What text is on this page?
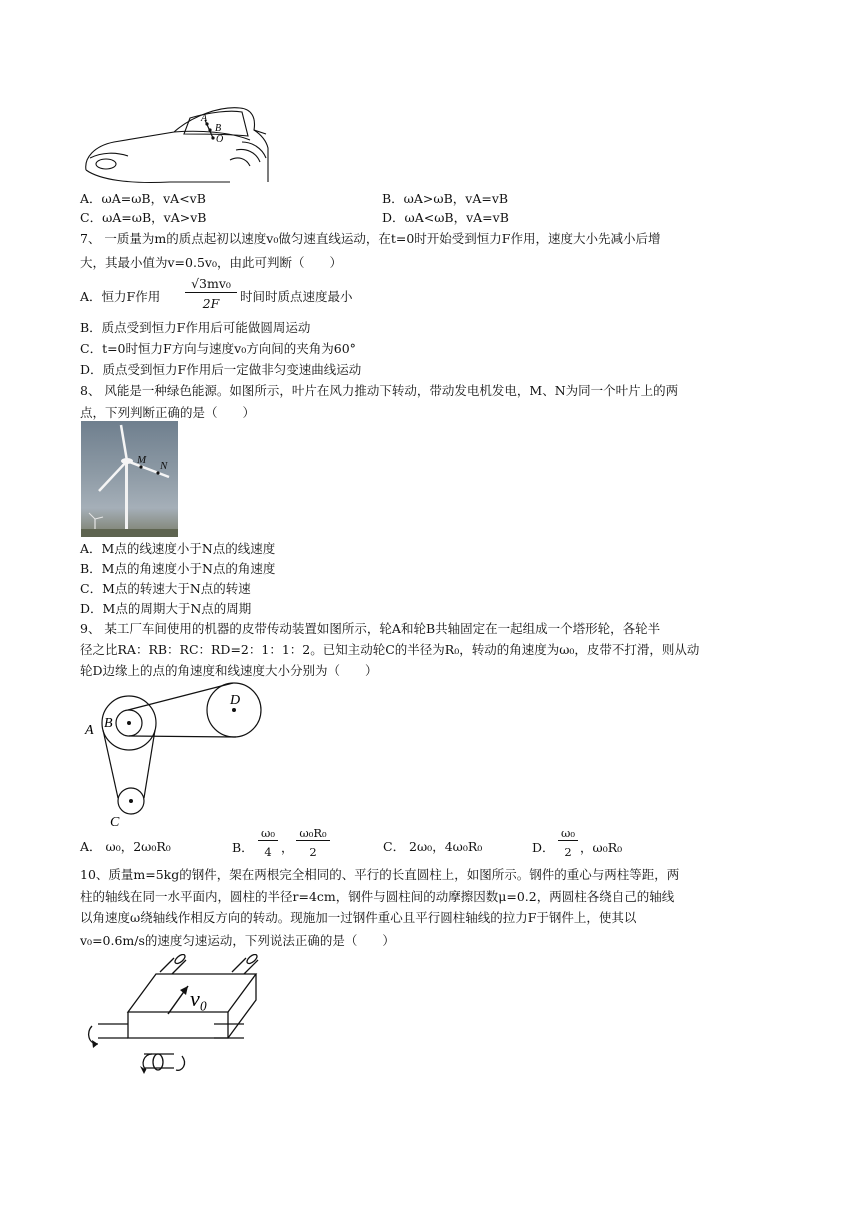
A
B
O
A．ωA=ωB，vA<vB	B．ωA>ωB，vA=vB
C．ωA=ωB，vA>vB	D．ωA<ωB，vA=vB
7、 一质量为m的质点起初以速度v₀做匀速直线运动，在t=0时开始受到恒力F作用，速度大小先减小后增
大，其最小值为v=0.5v₀，由此可判断（　　）
A．恒力F作用
√3mv₀
2F	时间时质点速度最小
B．质点受到恒力F作用后可能做圆周运动
C．t=0时恒力F方向与速度v₀方向间的夹角为60°
D．质点受到恒力F作用后一定做非匀变速曲线运动
8、 风能是一种绿色能源。如图所示，叶片在风力推动下转动，带动发电机发电，M、N为同一个叶片上的两
点，下列判断正确的是（　　）
M N
A．M点的线速度小于N点的线速度
B．M点的角速度小于N点的角速度
C．M点的转速大于N点的转速
D．M点的周期大于N点的周期
9、 某工厂车间使用的机器的皮带传动装置如图所示，轮A和轮B共轴固定在一起组成一个塔形轮，各轮半
径之比RA：RB：RC：RD=2：1：1：2。已知主动轮C的半径为R₀，转动的角速度为ω₀，皮带不打滑，则从动
轮D边缘上的点的角速度和线速度大小分别为（　　）
A B
C
D
A． ω₀，2ω₀R₀	B．
ω₀
4 ，
ω₀R₀
2	C． 2ω₀，4ω₀R₀	D．
ω₀
2 ，ω₀R₀
10、质量m=5kg的钢件，架在两根完全相同的、平行的长直圆柱上，如图所示。钢件的重心与两柱等距，两
柱的轴线在同一水平面内，圆柱的半径r=4cm，钢件与圆柱间的动摩擦因数μ=0.2，两圆柱各绕自己的轴线
以角速度ω绕轴线作相反方向的转动。现施加一过钢件重心且平行圆柱轴线的拉力F于钢件上，使其以
v₀=0.6m/s的速度匀速运动，下列说法正确的是（　　）
v₀
